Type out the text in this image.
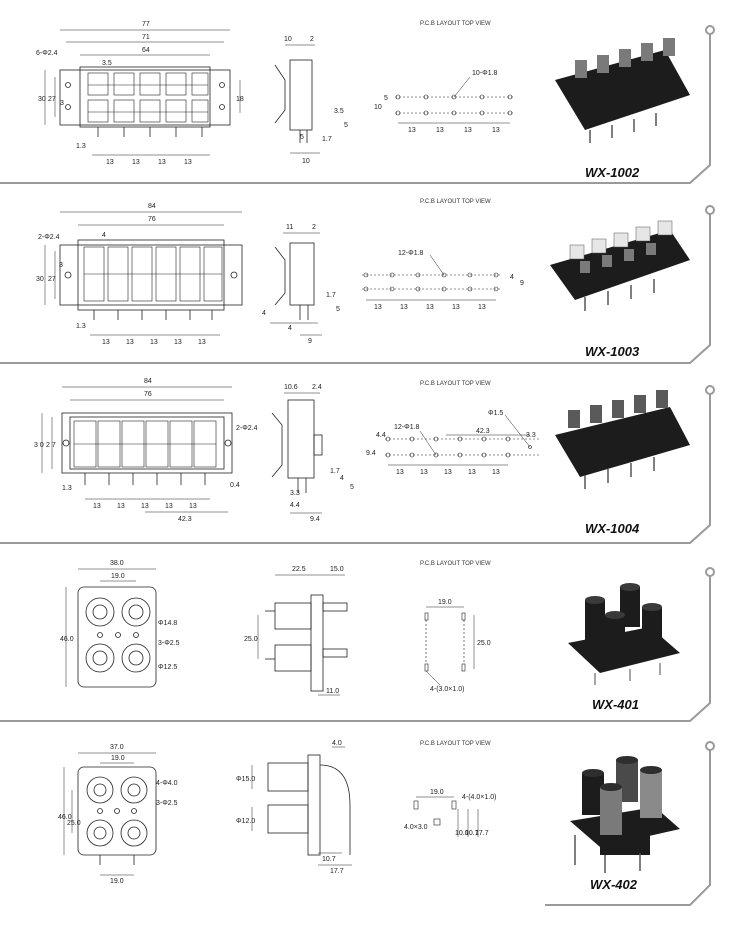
77
71
64
3.5
6-Φ2.4
30 27
3
18
1.3
13	13	13	13
10	2
3.5
5
5	1.7
10
P.C.B LAYOUT TOP VIEW
10-Φ1.8
5
10
13	13	13	13
WX-1002
84
76
4
2-Φ2.4
30 27
3
1.3
13 13 13 13 13
11	2
1.7
5
4
4
9
P.C.B LAYOUT TOP VIEW
12-Φ1.8
4
9
13	13	13	13	13
WX-1003
84
76
2-Φ2.4
3 0 2 7
1.3	0.4
13 13 13 13 13
42.3
10.6 2.4
1.7
4
5
3.3
4.4
9.4
P.C.B LAYOUT TOP VIEW
12-Φ1.8
Φ1.5
42.3
4.4
9.4
3.3
13 13 13 13 13
WX-1004
38.0
19.0
46.0
Φ14.8
3-Φ2.5
Φ12.5
22.5	15.0
25.0
11.0
P.C.B LAYOUT TOP VIEW
19.0
25.0
4-(3.0×1.0)
WX-401
37.0
19.0
46.0
25.0
4-Φ4.0
3-Φ2.5
19.0
4.0
Φ15.0
Φ12.0
10.7
17.7
P.C.B LAYOUT TOP VIEW
19.0
4-(4.0×1.0)
4.0×3.0
10.0
10.7
17.7
WX-402
